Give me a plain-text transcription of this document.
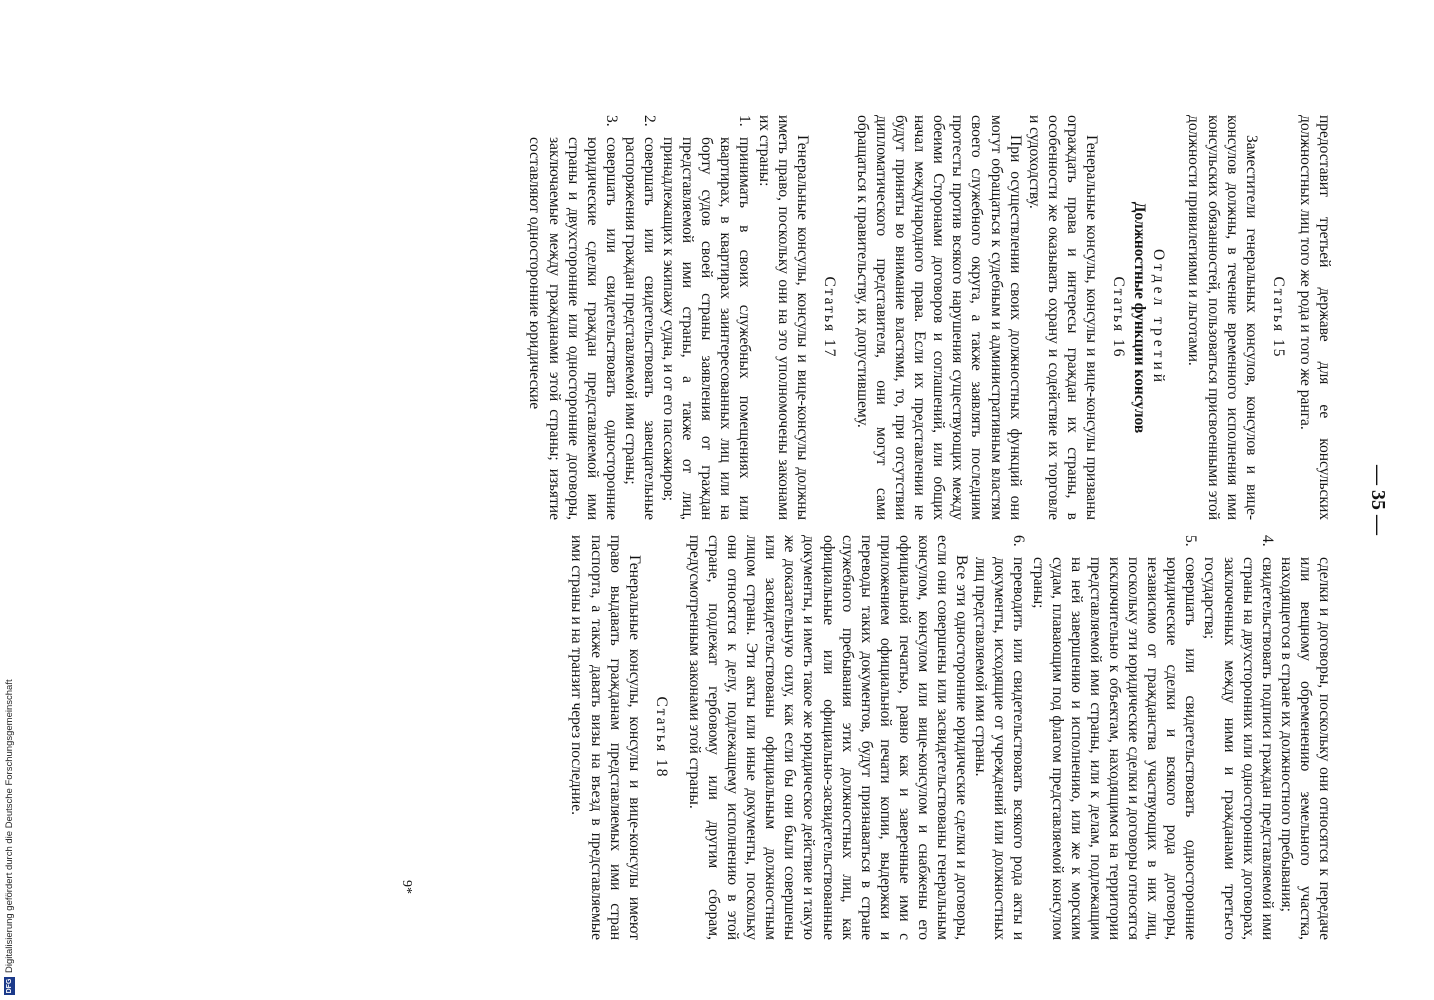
— 35 —

предоставит третьей державе для ее консульских должностных лиц того же рода и того же ранга.

Статья 15

Заместители генеральных консулов, консулов и вице-консулов должны, в течение временного исполнения ими консульских обязанностей, пользоваться присвоенными этой должности привилегиями и льготами.

Отдел третий

Должностные функции консулов

Статья 16

Генеральные консулы, консулы и вице-консулы призваны ограждать права и интересы граждан их страны, в особенности же оказывать охрану и содействие их торговле и судоходству.

При осуществлении своих должностных функций они могут обращаться к судебным и административным властям своего служебного округа, а также заявлять последним протесты против всякого нарушения существующих между обеими Сторонами договоров и соглашений, или общих начал международного права. Если их представлении не будут приняты во внимание властями, то, при отсутствии дипломатического представителя, они могут сами обращаться к правительству, их допустившему.

Статья 17

Генеральные консулы, консулы и вице-консулы должны иметь право, поскольку они на это уполномочены законами их страны:

1.
принимать в своих служебных помещениях или квартирах, в квартирах заинтересованных лиц или на борту судов своей страны заявления от граждан представляемой ими страны, а также от лиц, принадлежащих к экипажу судна, и от его пассажиров;
2.
совершать или свидетельствовать завещательные распоряжения граждан представляемой ими страны;
3.
совершать или свидетельствовать односторонние юридические сделки граждан представляемой ими страны и двухсторонние или односторонние договоры, заключаемые между гражданами этой страны; изъятие составляют односторонние юридические
сделки и договоры, поскольку они относятся к передаче или вещному обременению земельного участка, находящегося в стране их должностного пребывания;
4.
свидетельствовать подписи граждан представляемой ими страны на двухсторонних или односторонних договорах, заключенных между ними и гражданами третьего государства;
5.
совершать или свидетельствовать односторонние юридические сделки и всякого рода договоры, независимо от гражданства участвующих в них лиц, поскольку эти юридические сделки и договоры относятся исключительно к объектам, находящимся на территории представляемой ими страны, или к делам, подлежащим на ней завершению и исполнению, или же к морским судам, плавающим под флагом представляемой консулом страны;
6.
переводить или свидетельствовать всякого рода акты и документы, исходящие от учреждений или должностных лиц представляемой ими страны.

Все эти односторонние юридические сделки и договоры, если они совершены или засвидетельствованы генеральным консулом, консулом или вице-консулом и снабжены его официальной печатью, равно как и заверенные ими с приложением официальной печати копии, выдержки и переводы таких документов, будут признаваться в стране служебного пребывания этих должностных лиц, как официальные или официально-засвидетельствованные документы, и иметь такое же юридическое действие и такую же доказательную силу, как если бы они были совершены или засвидетельствованы официальным должностным лицом страны. Эти акты или иные документы, поскольку они относятся к делу, подлежащему исполнению в этой стране, подлежат гербовому или другим сборам, предусмотренным законами этой страны.

Статья 18

Генеральные консулы, консулы и вице-консулы имеют право выдавать гражданам представляемых ими стран паспорта, а также давать визы на въезд в представляемые ими страны и на транзит через последние.

9*
DFG
Digitalisierung gefördert durch die Deutsche Forschungsgemeinschaft
